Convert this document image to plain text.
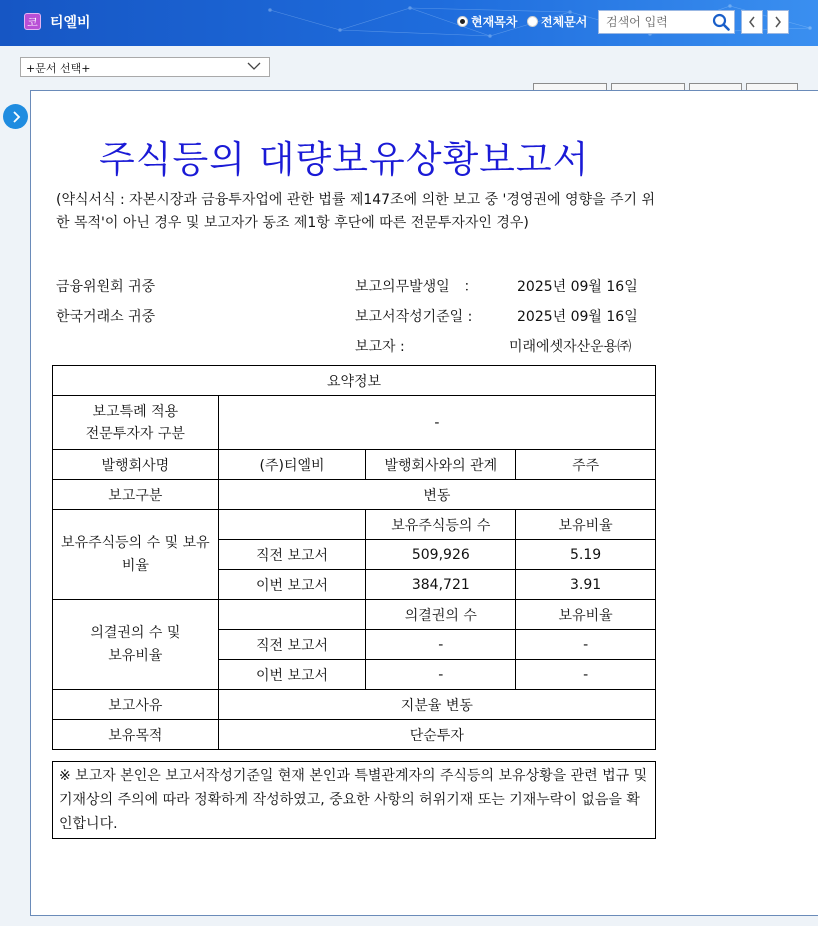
코 티엘비	현재목차 전체문서	검색어 입력
+문서 선택+
주식등의 대량보유상황보고서
(약식서식 : 자본시장과 금융투자업에 관한 법률 제147조에 의한 보고 중 '경영권에 영향을 주기 위한 목적'이 아닌 경우 및 보고자가 동조 제1항 후단에 따른 전문투자자인 경우)
금융위원회 귀중
한국거래소 귀중
보고의무발생일　：	2025년 09월 16일
보고서작성기준일 :	2025년 09월 16일
보고자 :	미래에셋자산운용㈜
요약정보			
보고특례 적용
전문투자자 구분	-		
발행회사명	(주)티엘비	발행회사와의 관계	주주
보고구분	변동		
보유주식등의 수 및 보유비율		보유주식등의 수	보유비율
	직전 보고서	509,926	5.19
	이번 보고서	384,721	3.91
의결권의 수 및
보유비율		의결권의 수	보유비율
	직전 보고서	-	-
	이번 보고서	-	-
보고사유	지분율 변동		
보유목적	단순투자		
※ 보고자 본인은 보고서작성기준일 현재 본인과 특별관계자의 주식등의 보유상황을 관련 법규 및 기재상의 주의에 따라 정확하게 작성하였고, 중요한 사항의 허위기재 또는 기재누락이 없음을 확인합니다.
